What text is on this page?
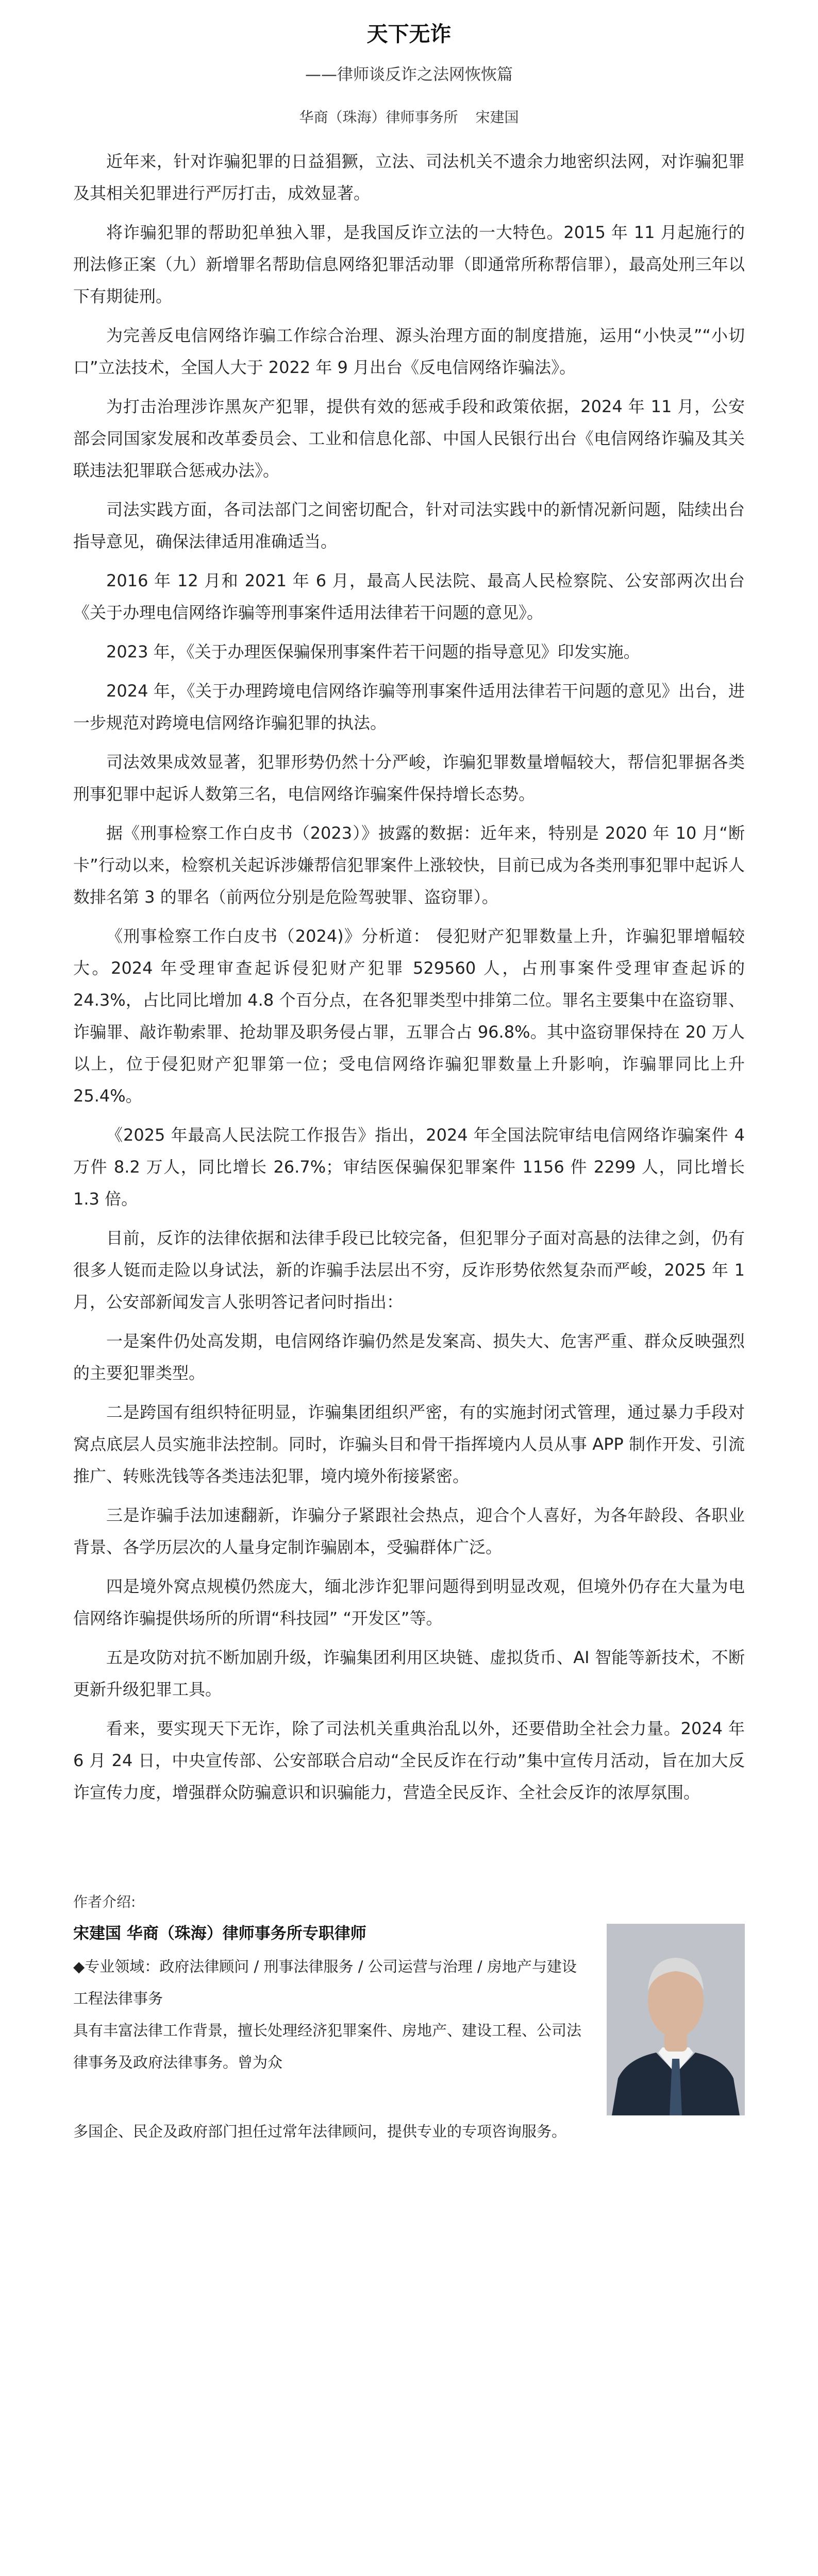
天下无诈
——律师谈反诈之法网恢恢篇
华商（珠海）律师事务所 宋建国

近年来，针对诈骗犯罪的日益猖獗，立法、司法机关不遗余力地密织法网，对诈骗犯罪及其相关犯罪进行严厉打击，成效显著。

将诈骗犯罪的帮助犯单独入罪，是我国反诈立法的一大特色。2015 年 11 月起施行的刑法修正案（九）新增罪名帮助信息网络犯罪活动罪（即通常所称帮信罪），最高处刑三年以下有期徒刑。

为完善反电信网络诈骗工作综合治理、源头治理方面的制度措施，运用“小快灵”“小切口”立法技术，全国人大于 2022 年 9 月出台《反电信网络诈骗法》。

为打击治理涉诈黑灰产犯罪，提供有效的惩戒手段和政策依据，2024 年 11 月，公安部会同国家发展和改革委员会、工业和信息化部、中国人民银行出台《电信网络诈骗及其关联违法犯罪联合惩戒办法》。

司法实践方面，各司法部门之间密切配合，针对司法实践中的新情况新问题，陆续出台指导意见，确保法律适用准确适当。

2016 年 12 月和 2021 年 6 月，最高人民法院、最高人民检察院、公安部两次出台《关于办理电信网络诈骗等刑事案件适用法律若干问题的意见》。

2023 年，《关于办理医保骗保刑事案件若干问题的指导意见》印发实施。

2024 年，《关于办理跨境电信网络诈骗等刑事案件适用法律若干问题的意见》出台，进一步规范对跨境电信网络诈骗犯罪的执法。

司法效果成效显著，犯罪形势仍然十分严峻，诈骗犯罪数量增幅较大，帮信犯罪据各类刑事犯罪中起诉人数第三名，电信网络诈骗案件保持增长态势。

据《刑事检察工作白皮书（2023）》披露的数据：近年来，特别是 2020 年 10 月“断卡”行动以来，检察机关起诉涉嫌帮信犯罪案件上涨较快，目前已成为各类刑事犯罪中起诉人数排名第 3 的罪名（前两位分别是危险驾驶罪、盗窃罪）。

《刑事检察工作白皮书（2024)》分析道： 侵犯财产犯罪数量上升，诈骗犯罪增幅较大。2024 年受理审查起诉侵犯财产犯罪 529560 人，占刑事案件受理审查起诉的 24.3%，占比同比增加 4.8 个百分点，在各犯罪类型中排第二位。罪名主要集中在盗窃罪、诈骗罪、敲诈勒索罪、抢劫罪及职务侵占罪，五罪合占 96.8%。其中盗窃罪保持在 20 万人以上，位于侵犯财产犯罪第一位；受电信网络诈骗犯罪数量上升影响，诈骗罪同比上升 25.4%。

《2025 年最高人民法院工作报告》指出，2024 年全国法院审结电信网络诈骗案件 4 万件 8.2 万人，同比增长 26.7%；审结医保骗保犯罪案件 1156 件 2299 人，同比增长 1.3 倍。

目前，反诈的法律依据和法律手段已比较完备，但犯罪分子面对高悬的法律之剑，仍有很多人铤而走险以身试法，新的诈骗手法层出不穷，反诈形势依然复杂而严峻，2025 年 1 月，公安部新闻发言人张明答记者问时指出：

一是案件仍处高发期，电信网络诈骗仍然是发案高、损失大、危害严重、群众反映强烈的主要犯罪类型。

二是跨国有组织特征明显，诈骗集团组织严密，有的实施封闭式管理，通过暴力手段对窝点底层人员实施非法控制。同时，诈骗头目和骨干指挥境内人员从事 APP 制作开发、引流推广、转账洗钱等各类违法犯罪，境内境外衔接紧密。

三是诈骗手法加速翻新，诈骗分子紧跟社会热点，迎合个人喜好，为各年龄段、各职业背景、各学历层次的人量身定制诈骗剧本，受骗群体广泛。

四是境外窝点规模仍然庞大，缅北涉诈犯罪问题得到明显改观，但境外仍存在大量为电信网络诈骗提供场所的所谓“科技园” “开发区”等。

五是攻防对抗不断加剧升级，诈骗集团利用区块链、虚拟货币、AI 智能等新技术，不断更新升级犯罪工具。

看来，要实现天下无诈，除了司法机关重典治乱以外，还要借助全社会力量。2024 年 6 月 24 日，中央宣传部、公安部联合启动“全民反诈在行动”集中宣传月活动，旨在加大反诈宣传力度，增强群众防骗意识和识骗能力，营造全民反诈、全社会反诈的浓厚氛围。

作者介绍:
宋建国 华商（珠海）律师事务所专职律师

◆专业领域：政府法律顾问 / 刑事法律服务 / 公司运营与治理 / 房地产与建设工程法律事务

具有丰富法律工作背景，擅长处理经济犯罪案件、房地产、建设工程、公司法律事务及政府法律事务。曾为众

多国企、民企及政府部门担任过常年法律顾问，提供专业的专项咨询服务。
